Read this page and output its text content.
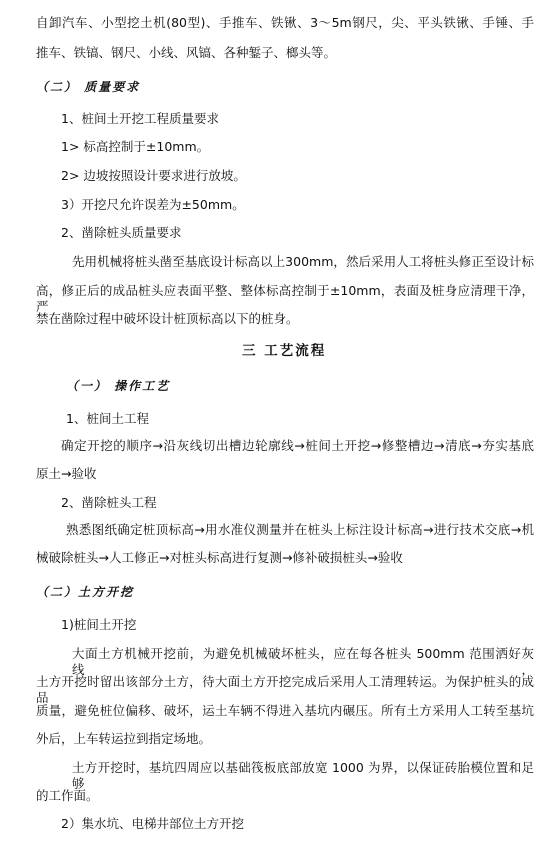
自卸汽车、小型挖土机(80型)、手推车、铁锹、3～5m钢尺，尖、平头铁锹、手锤、手
推车、铁镐、钢尺、小线、风镐、各种錾子、榔头等。
（二） 质量要求
1、桩间土开挖工程质量要求
1> 标高控制于±10mm。
2> 边坡按照设计要求进行放坡。
3）开挖尺允许误差为±50mm。
2、凿除桩头质量要求
先用机械将桩头凿至基底设计标高以上300mm，然后采用人工将桩头修正至设计标
高，修正后的成品桩头应表面平整、整体标高控制于±10mm，表面及桩身应清理干净，严
禁在凿除过程中破坏设计桩顶标高以下的桩身。
三 工艺流程
（一） 操作工艺
1、桩间土工程
确定开挖的顺序→沿灰线切出槽边轮廓线→桩间土开挖→修整槽边→清底→夯实基底
原土→验收
2、凿除桩头工程
熟悉图纸确定桩顶标高→用水准仪测量并在桩头上标注设计标高→进行技术交底→机
械破除桩头→人工修正→对桩头标高进行复测→修补破损桩头→验收
（二）土方开挖
1)桩间土开挖
大面土方机械开挖前，为避免机械破坏桩头，应在每各桩头 500mm 范围洒好灰线，
土方开挖时留出该部分土方，待大面土方开挖完成后采用人工清理转运。为保护桩头的成品
质量，避免桩位偏移、破坏，运土车辆不得进入基坑内碾压。所有土方采用人工转至基坑
外后，上车转运拉到指定场地。
土方开挖时，基坑四周应以基础筏板底部放宽 1000 为界，以保证砖胎模位置和足够
的工作面。
2）集水坑、电梯井部位土方开挖
